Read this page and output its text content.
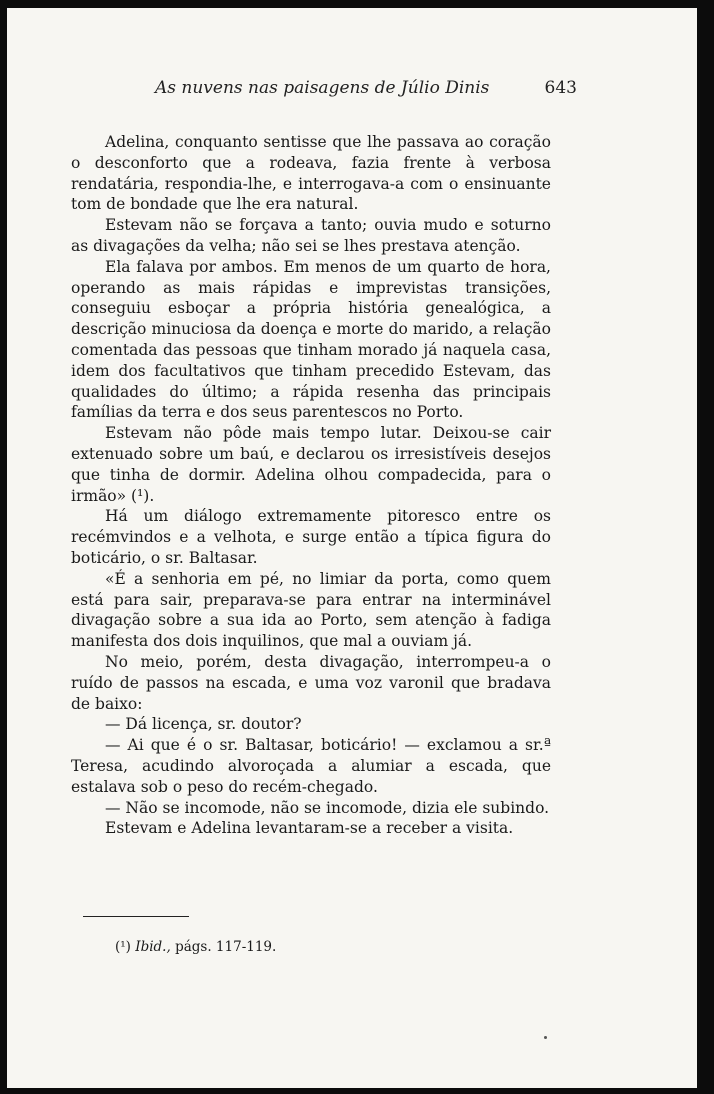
As nuvens nas paisagens de Júlio Dinis	643

Adelina, conquanto sentisse que lhe passava ao coração o desconforto que a rodeava, fazia frente à verbosa rendatária, respondia-lhe, e interrogava-a com o ensinuante tom de bondade que lhe era natural.

Estevam não se forçava a tanto; ouvia mudo e soturno as divagações da velha; não sei se lhes prestava atenção.

Ela falava por ambos. Em menos de um quarto de hora, operando as mais rápidas e imprevistas transições, conseguiu esboçar a própria história genealógica, a descrição minuciosa da doença e morte do marido, a relação comentada das pessoas que tinham morado já naquela casa, idem dos facultativos que tinham precedido Estevam, das qualidades do último; a rápida resenha das principais famílias da terra e dos seus parentescos no Porto.

Estevam não pôde mais tempo lutar. Deixou-se cair extenuado sobre um baú, e declarou os irresistíveis desejos que tinha de dormir. Adelina olhou compadecida, para o irmão» (¹).

Há um diálogo extremamente pitoresco entre os recémvindos e a velhota, e surge então a típica figura do boticário, o sr. Baltasar.

«É a senhoria em pé, no limiar da porta, como quem está para sair, preparava-se para entrar na interminável divagação sobre a sua ida ao Porto, sem atenção à fadiga manifesta dos dois inquilinos, que mal a ouviam já.

No meio, porém, desta divagação, interrompeu-a o ruído de passos na escada, e uma voz varonil que bradava de baixo:

— Dá licença, sr. doutor?

— Ai que é o sr. Baltasar, boticário! — exclamou a sr.ª Teresa, acudindo alvoroçada a alumiar a escada, que estalava sob o peso do recém-chegado.

— Não se incomode, não se incomode, dizia ele subindo.

Estevam e Adelina levantaram-se a receber a visita.

(¹) Ibid., págs. 117-119.
